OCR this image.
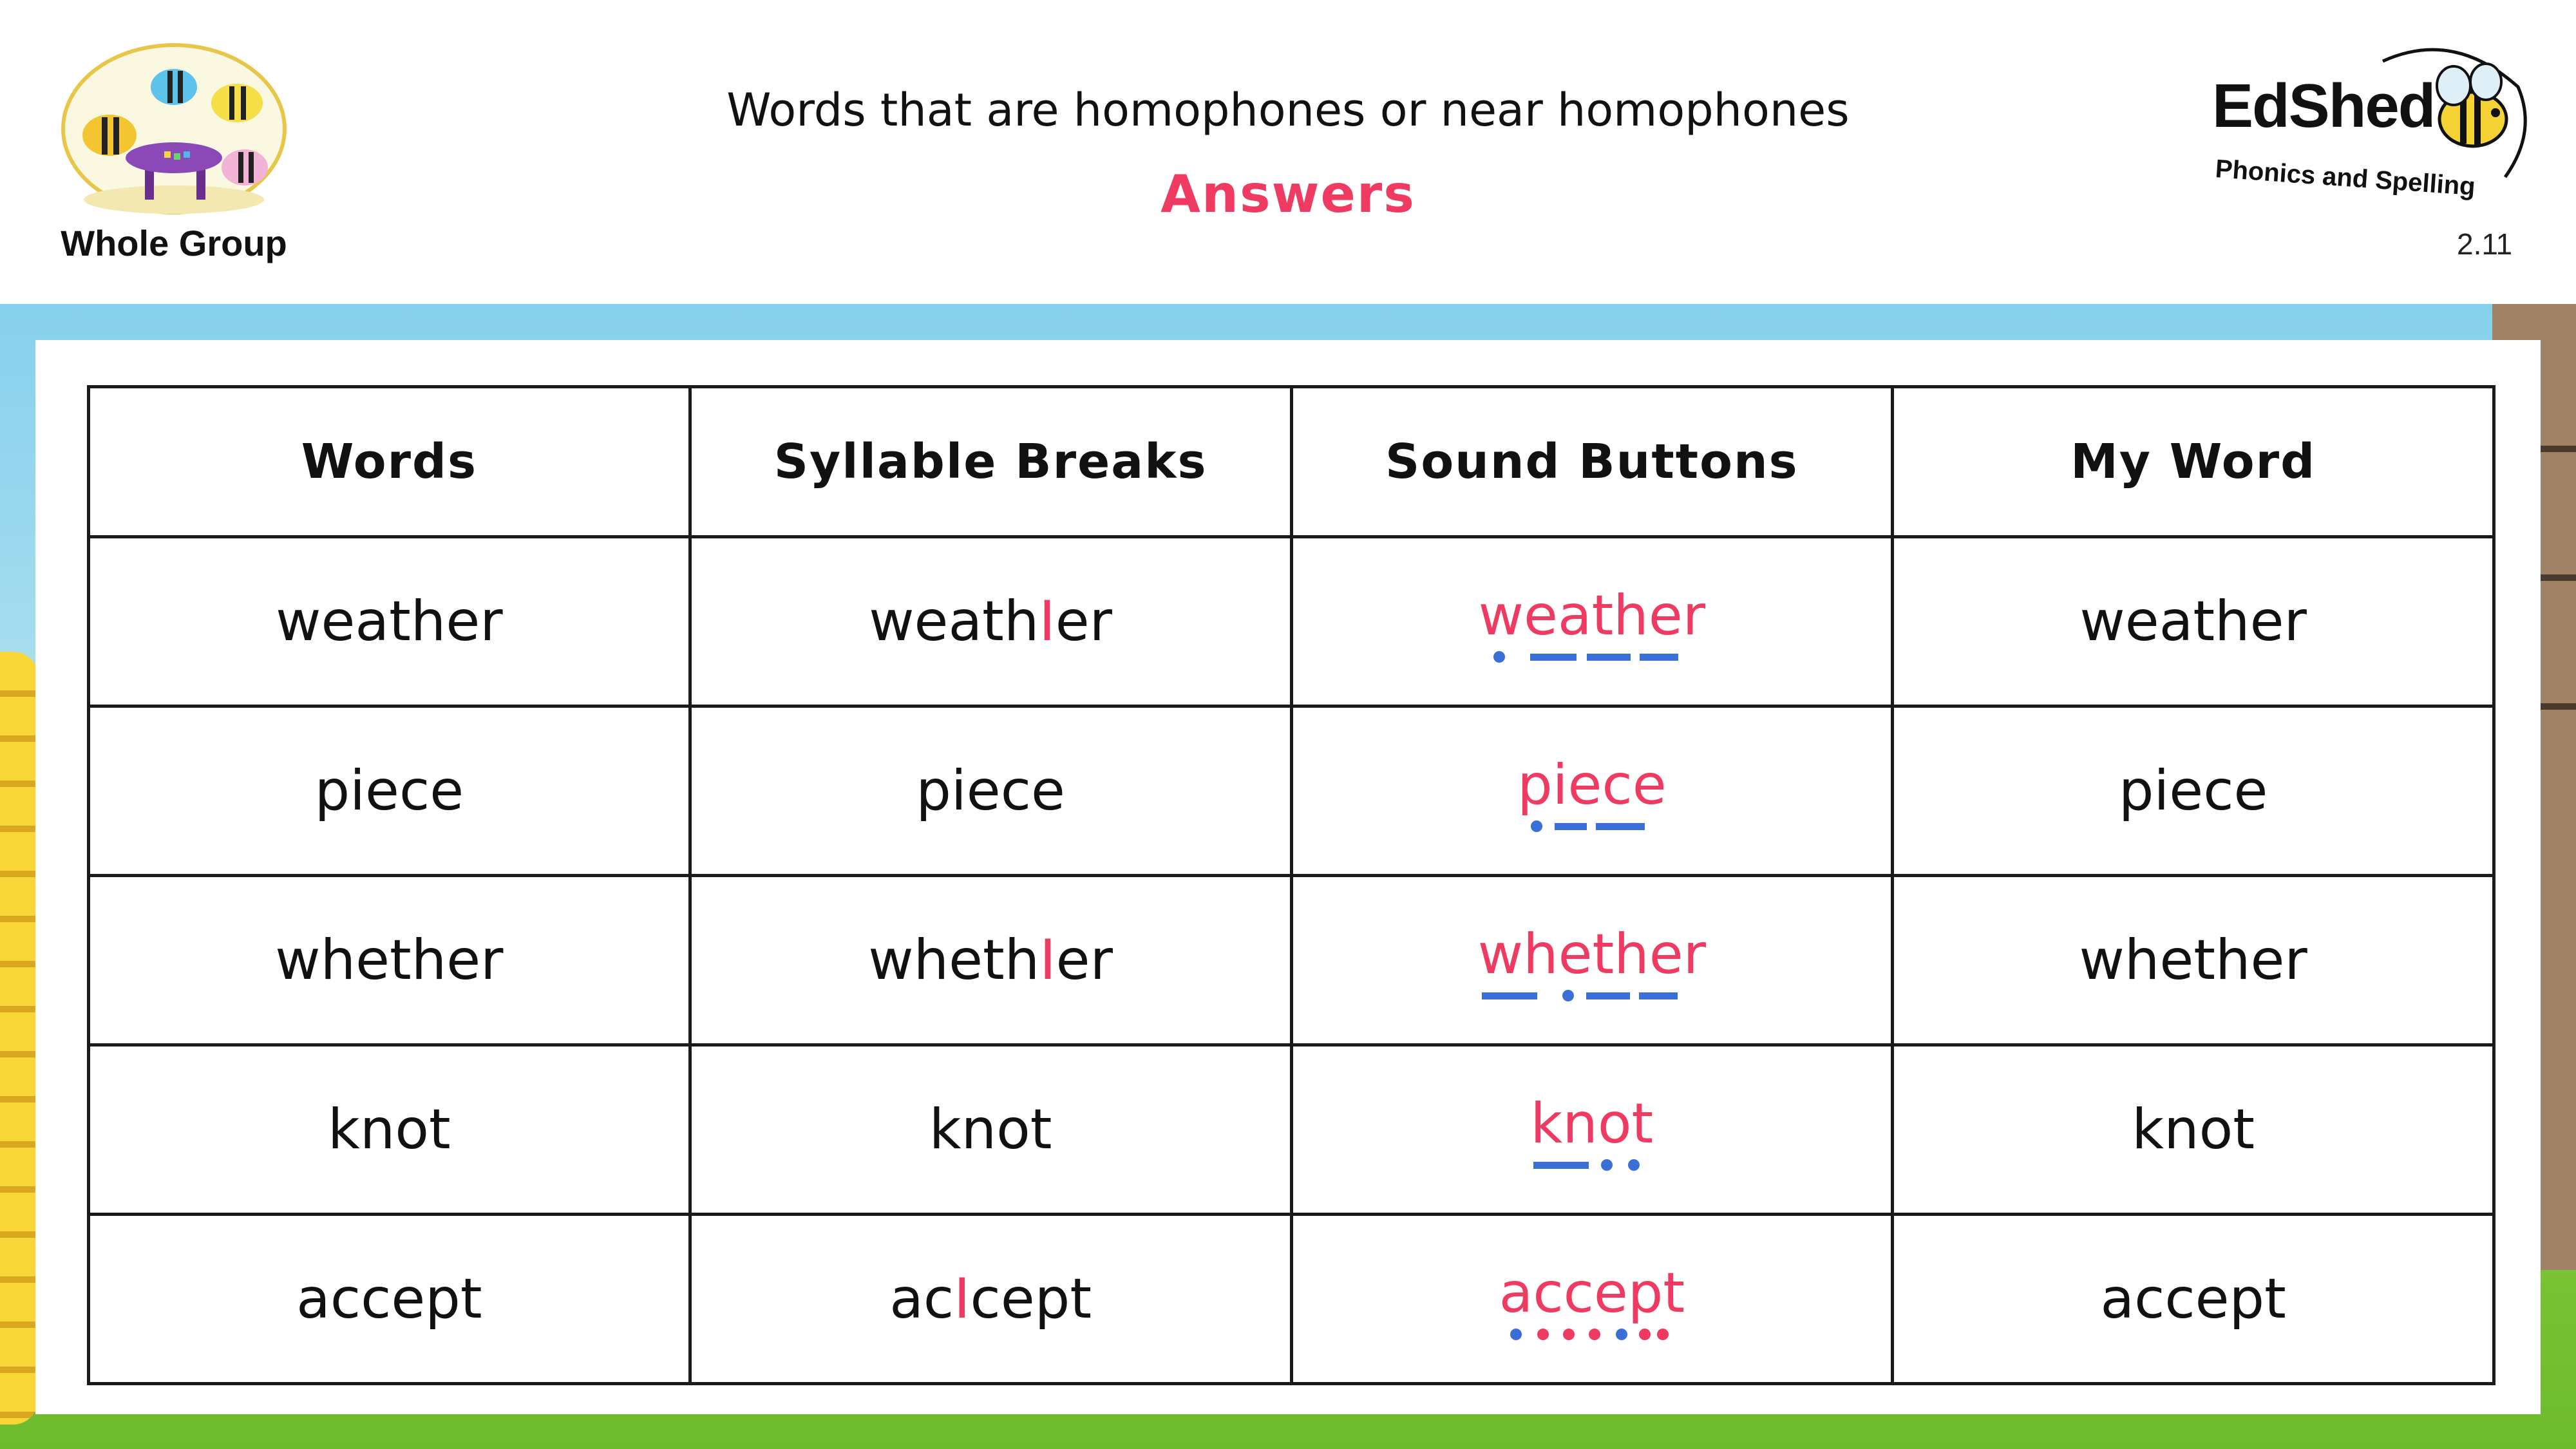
Whole Group
Words that are homophones or near homophones
Answers
EdShed
Phonics and Spelling
2.11
Words	Syllable Breaks	Sound Buttons	My Word
weather	weathIer	weather	weather
piece	piece	piece	piece
whether	whethIer	whether	whether
knot	knot	knot	knot
accept	acIcept	accept	accept
